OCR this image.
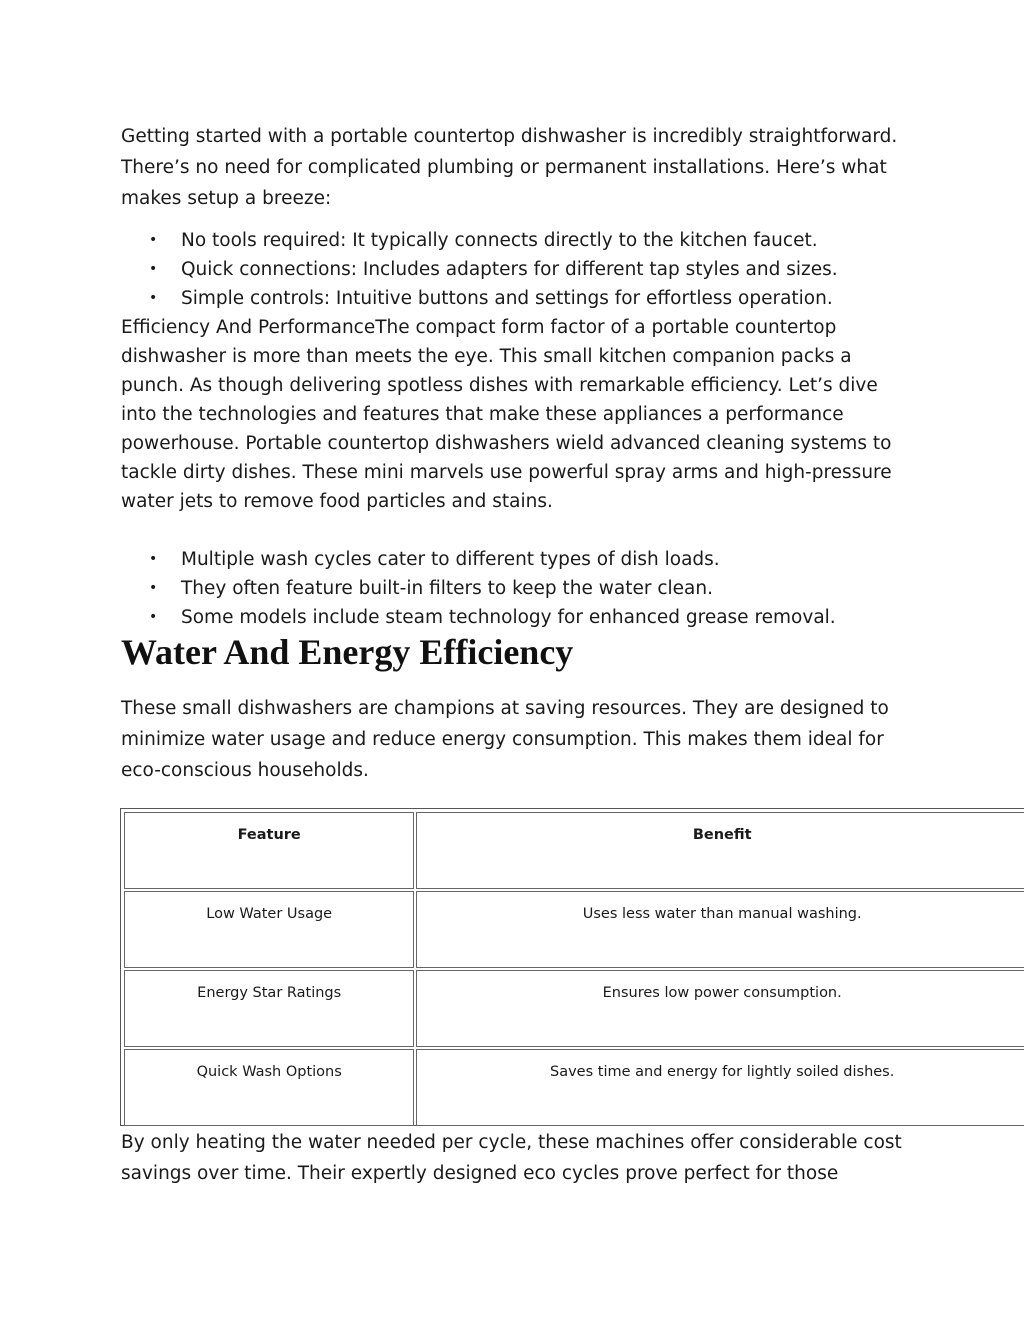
Getting started with a portable countertop dishwasher is incredibly straightforward. There’s no need for complicated plumbing or permanent installations. Here’s what makes setup a breeze:

• No tools required: It typically connects directly to the kitchen faucet.
• Quick connections: Includes adapters for different tap styles and sizes.
• Simple controls: Intuitive buttons and settings for effortless operation.

Efficiency And PerformanceThe compact form factor of a portable countertop dishwasher is more than meets the eye. This small kitchen companion packs a punch. As though delivering spotless dishes with remarkable efficiency. Let’s dive into the technologies and features that make these appliances a performance powerhouse. Portable countertop dishwashers wield advanced cleaning systems to tackle dirty dishes. These mini marvels use powerful spray arms and high-pressure water jets to remove food particles and stains.

• Multiple wash cycles cater to different types of dish loads.
• They often feature built-in filters to keep the water clean.
• Some models include steam technology for enhanced grease removal.
Water And Energy Efficiency

These small dishwashers are champions at saving resources. They are designed to minimize water usage and reduce energy consumption. This makes them ideal for eco-conscious households.

Feature	Benefit
Low Water Usage	Uses less water than manual washing.
Energy Star Ratings	Ensures low power consumption.
Quick Wash Options	Saves time and energy for lightly soiled dishes.

By only heating the water needed per cycle, these machines offer considerable cost savings over time. Their expertly designed eco cycles prove perfect for those
